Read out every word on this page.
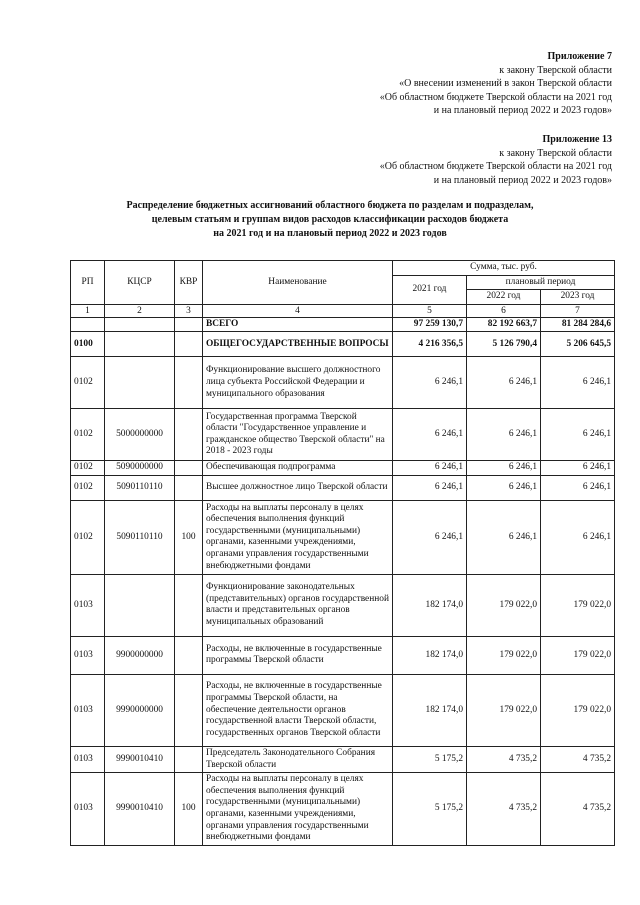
Приложение 7
к закону Тверской области
«О внесении изменений в закон Тверской области
«Об областном бюджете Тверской области на 2021 год
и на плановый период 2022 и 2023 годов»
Приложение 13
к закону Тверской области
«Об областном бюджете Тверской области на 2021 год
и на плановый период 2022 и 2023 годов»
Распределение бюджетных ассигнований областного бюджета по разделам и подразделам,
целевым статьям и группам видов расходов классификации расходов бюджета
на 2021 год и на плановый период 2022 и 2023 годов
РП	КЦСР	КВР	Наименование	Сумма, тыс. руб.		
				2021 год	плановый период	
					2022 год	2023 год
1	2	3	4	5	6	7
			ВСЕГО	97 259 130,7	82 192 663,7	81 284 284,6
0100			ОБЩЕГОСУДАРСТВЕННЫЕ ВОПРОСЫ	4 216 356,5	5 126 790,4	5 206 645,5
0102			Функционирование высшего должностного лица субъекта Российской Федерации и муниципального образования	6 246,1	6 246,1	6 246,1
0102	5000000000		Государственная программа Тверской области "Государственное управление и гражданское общество Тверской области" на 2018 - 2023 годы	6 246,1	6 246,1	6 246,1
0102	5090000000		Обеспечивающая подпрограмма	6 246,1	6 246,1	6 246,1
0102	5090110110		Высшее должностное лицо Тверской области	6 246,1	6 246,1	6 246,1
0102	5090110110	100	Расходы на выплаты персоналу в целях обеспечения выполнения функций государственными (муниципальными) органами, казенными учреждениями, органами управления государственными внебюджетными фондами	6 246,1	6 246,1	6 246,1
0103			Функционирование законодательных (представительных) органов государственной власти и представительных органов муниципальных образований	182 174,0	179 022,0	179 022,0
0103	9900000000		Расходы, не включенные в государственные программы Тверской области	182 174,0	179 022,0	179 022,0
0103	9990000000		Расходы, не включенные в государственные программы Тверской области, на обеспечение деятельности органов государственной власти Тверской области, государственных органов Тверской области	182 174,0	179 022,0	179 022,0
0103	9990010410		Председатель Законодательного Собрания Тверской области	5 175,2	4 735,2	4 735,2
0103	9990010410	100	Расходы на выплаты персоналу в целях обеспечения выполнения функций государственными (муниципальными) органами, казенными учреждениями, органами управления государственными внебюджетными фондами	5 175,2	4 735,2	4 735,2
